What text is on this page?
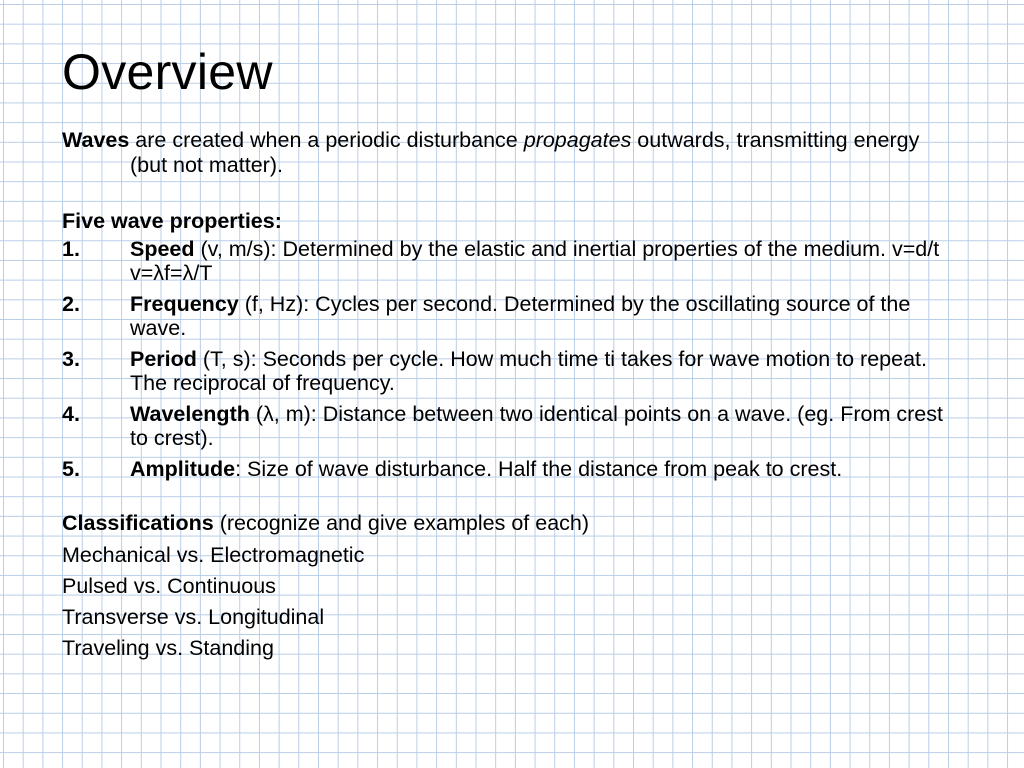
Overview

Waves are created when a periodic disturbance propagates outwards, transmitting energy (but not matter).

Five wave properties:

1. Speed (v, m/s): Determined by the elastic and inertial properties of the medium. v=d/t v=λf=λ/T
2. Frequency (f, Hz): Cycles per second. Determined by the oscillating source of the wave.
3. Period (T, s): Seconds per cycle. How much time ti takes for wave motion to repeat. The reciprocal of frequency.
4. Wavelength (λ, m): Distance between two identical points on a wave. (eg. From crest to crest).
5. Amplitude: Size of wave disturbance. Half the distance from peak to crest.

Classifications (recognize and give examples of each)

Mechanical vs. Electromagnetic
Pulsed vs. Continuous
Transverse vs. Longitudinal
Traveling vs. Standing
